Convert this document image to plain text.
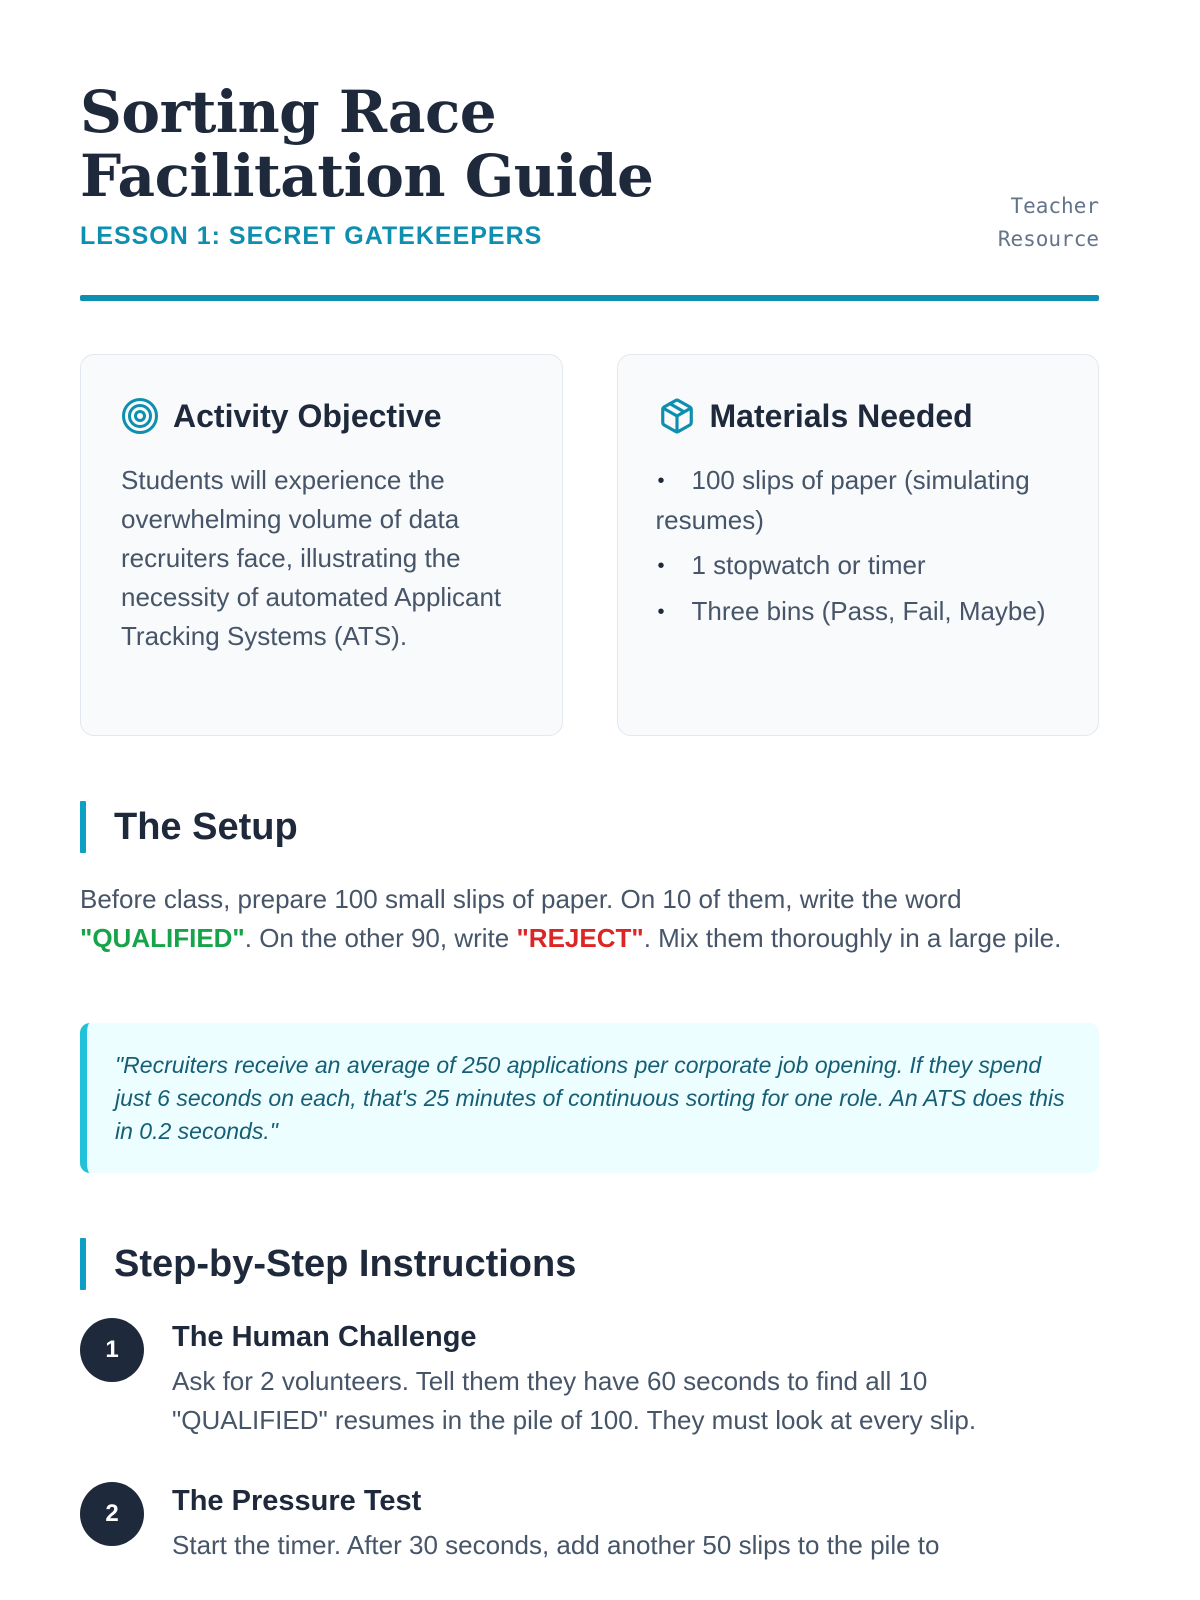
Sorting Race Facilitation Guide
LESSON 1: SECRET GATEKEEPERS
Teacher Resource
Activity Objective

Students will experience the overwhelming volume of data recruiters face, illustrating the necessity of automated Applicant Tracking Systems (ATS).

Materials Needed
• 100 slips of paper (simulating resumes)
• 1 stopwatch or timer
• Three bins (Pass, Fail, Maybe)
The Setup

Before class, prepare 100 small slips of paper. On 10 of them, write the word "QUALIFIED". On the other 90, write "REJECT". Mix them thoroughly in a large pile.

"Recruiters receive an average of 250 applications per corporate job opening. If they spend just 6 seconds on each, that's 25 minutes of continuous sorting for one role. An ATS does this in 0.2 seconds."

Step-by-Step Instructions
1	The Human Challenge
Ask for 2 volunteers. Tell them they have 60 seconds to find all 10 "QUALIFIED" resumes in the pile of 100. They must look at every slip.
2	The Pressure Test
Start the timer. After 30 seconds, add another 50 slips to the pile to
